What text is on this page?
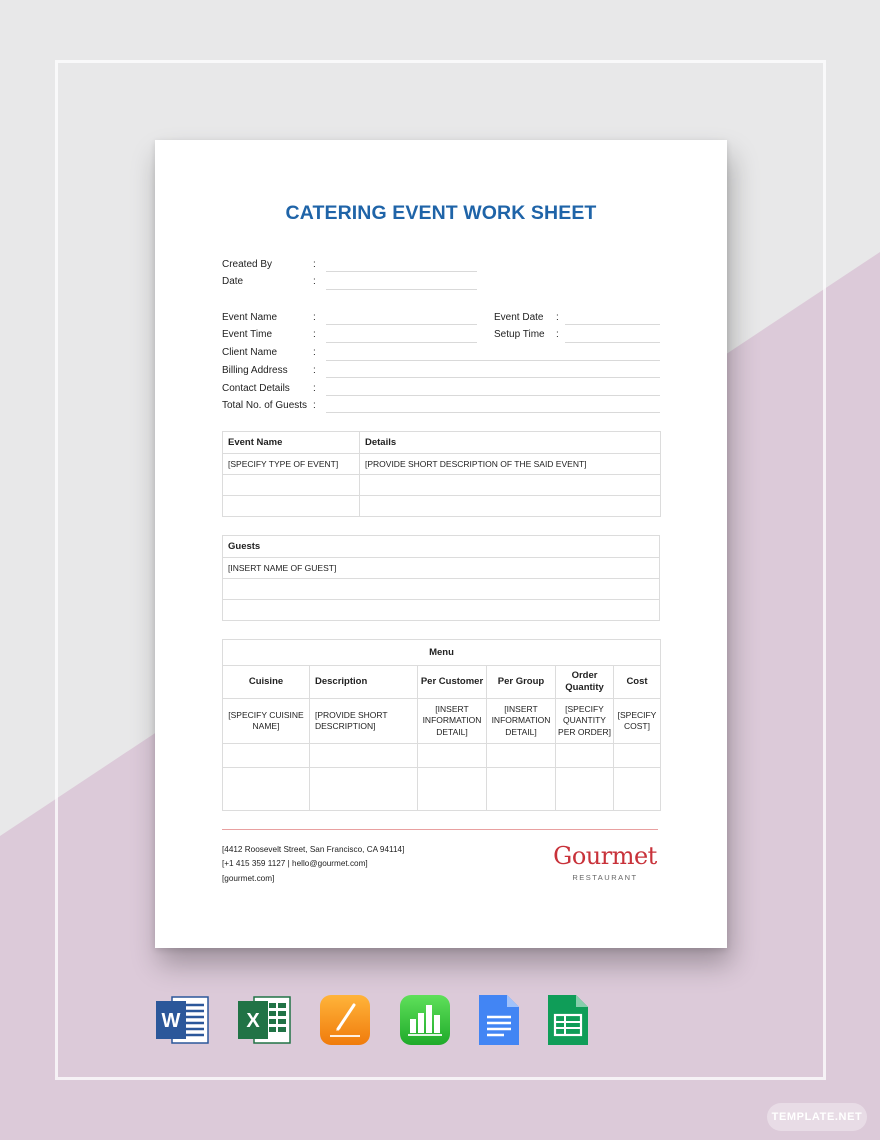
CATERING EVENT WORK SHEET
Created By	:
Date	:
Event Name	:
Event Time	:
Event Date :
Setup Time :
Client Name	:
Billing Address	:
Contact Details :
Total No. of Guests :
Event Name	Details
[SPECIFY TYPE OF EVENT]	[PROVIDE SHORT DESCRIPTION OF THE SAID EVENT]

Guests
[INSERT NAME OF GUEST]

Menu					
Cuisine	Description	Per Customer	Per Group	Order Quantity	Cost
[SPECIFY CUISINE NAME]	[PROVIDE SHORT DESCRIPTION]	[INSERT INFORMATION DETAIL]	[INSERT INFORMATION DETAIL]	[SPECIFY QUANTITY PER ORDER]	[SPECIFY COST]

[4412 Roosevelt Street, San Francisco, CA 94114]
[+1 415 359 1127 | hello@gourmet.com]
[gourmet.com]
Gourmet
RESTAURANT
W	X
TEMPLATE.NET
